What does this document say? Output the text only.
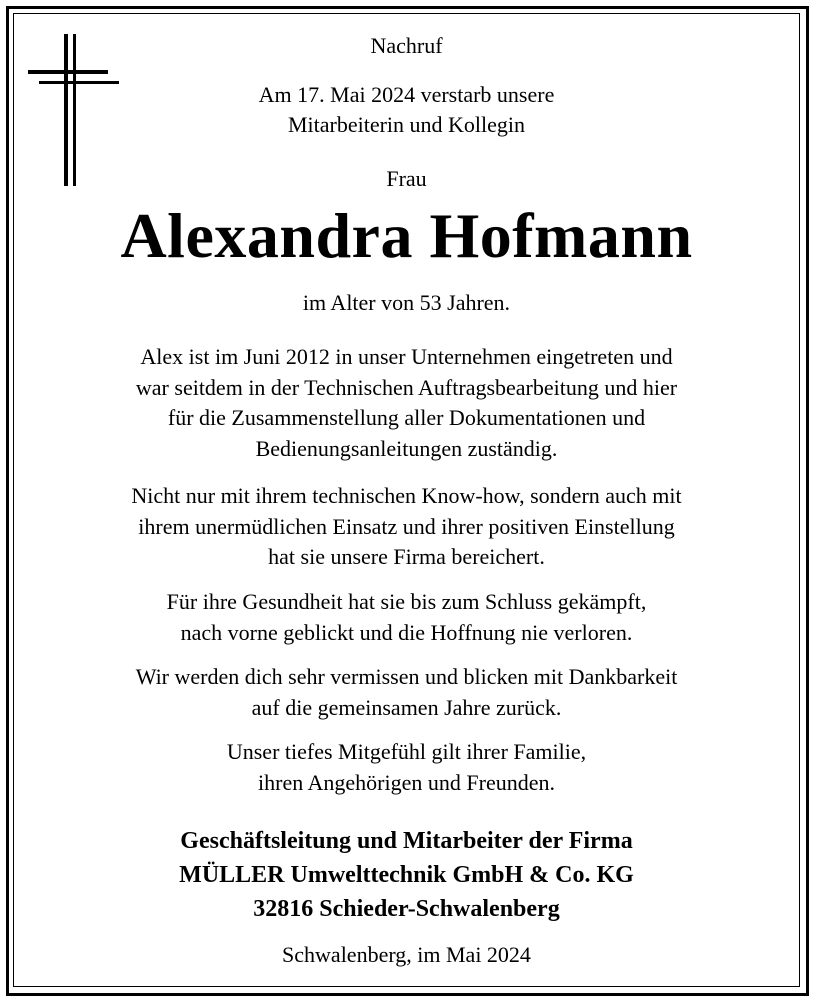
Nachruf
Am 17. Mai 2024 verstarb unsere
Mitarbeiterin und Kollegin
Frau
Alexandra Hofmann
im Alter von 53 Jahren.
Alex ist im Juni 2012 in unser Unternehmen eingetreten und
war seitdem in der Technischen Auftragsbearbeitung und hier
für die Zusammenstellung aller Dokumentationen und
Bedienungsanleitungen zuständig.
Nicht nur mit ihrem technischen Know-how, sondern auch mit
ihrem unermüdlichen Einsatz und ihrer positiven Einstellung
hat sie unsere Firma bereichert.
Für ihre Gesundheit hat sie bis zum Schluss gekämpft,
nach vorne geblickt und die Hoffnung nie verloren.
Wir werden dich sehr vermissen und blicken mit Dankbarkeit
auf die gemeinsamen Jahre zurück.
Unser tiefes Mitgefühl gilt ihrer Familie,
ihren Angehörigen und Freunden.
Geschäftsleitung und Mitarbeiter der Firma
MÜLLER Umwelttechnik GmbH & Co. KG
32816 Schieder-Schwalenberg
Schwalenberg, im Mai 2024
